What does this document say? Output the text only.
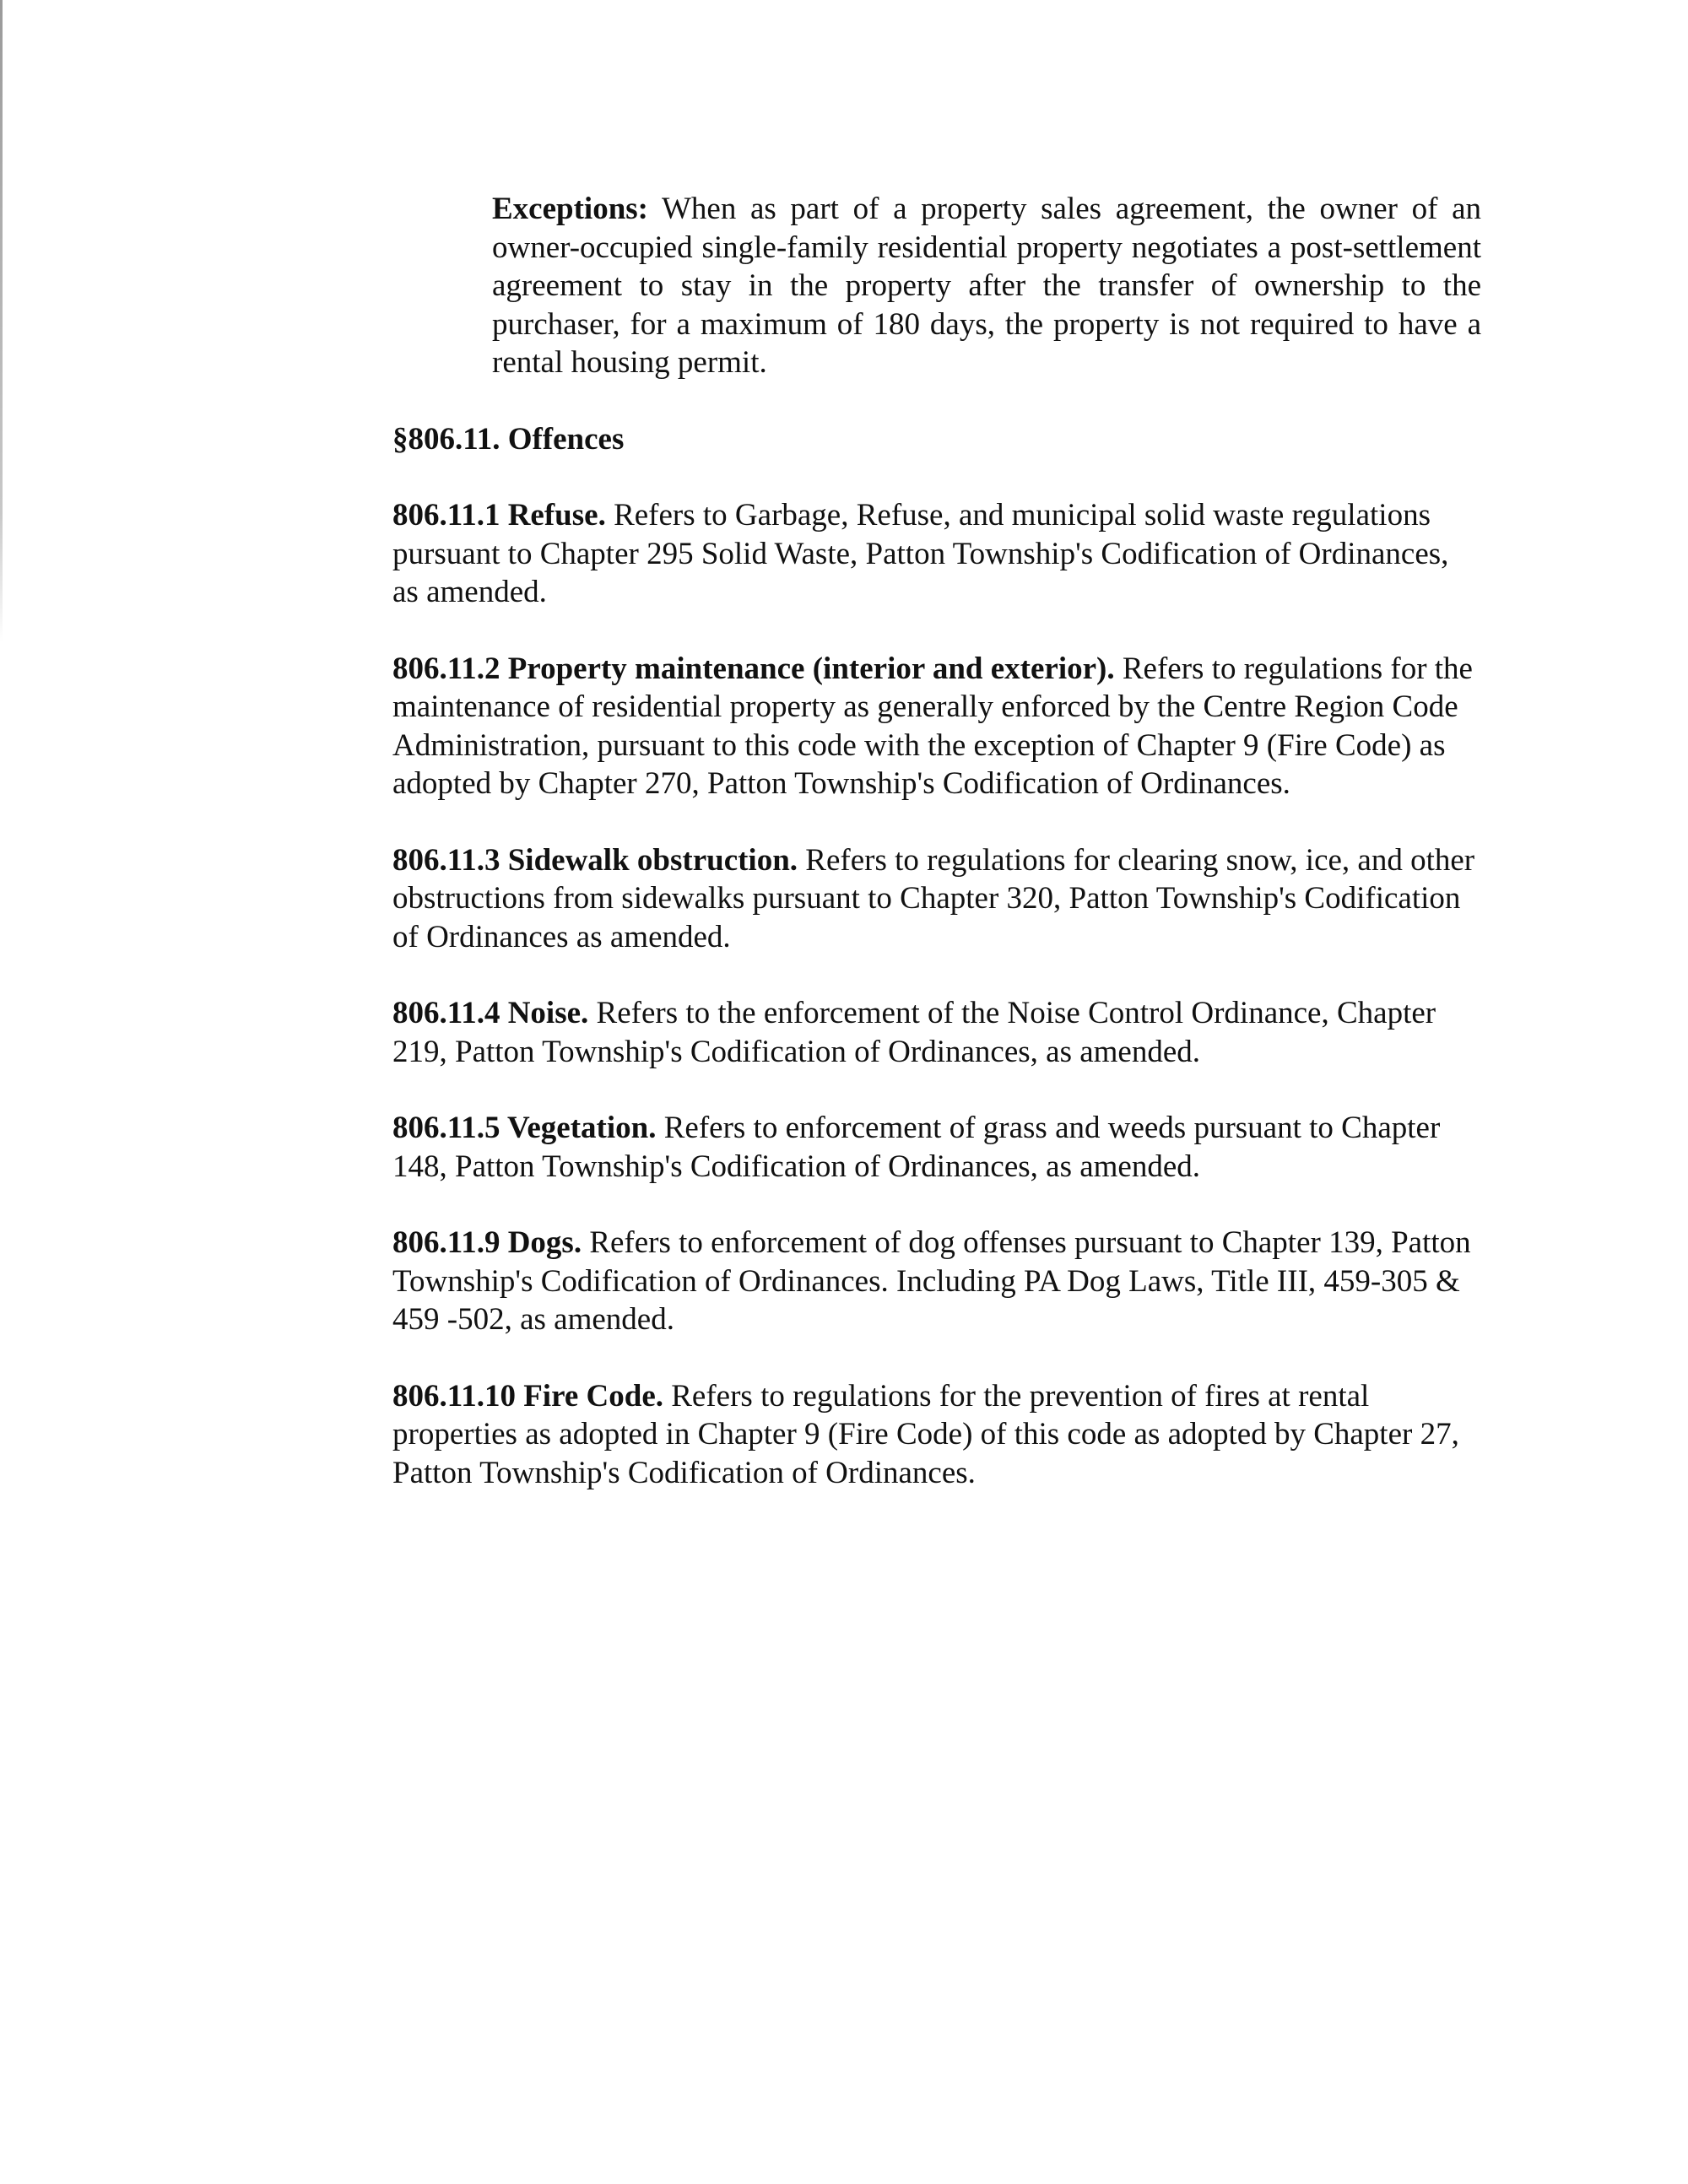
Exceptions: When as part of a property sales agreement, the owner of an owner-occupied single-family residential property negotiates a post-settlement agreement to stay in the property after the transfer of ownership to the purchaser, for a maximum of 180 days, the property is not required to have a rental housing permit.

§806.11. Offences

806.11.1 Refuse. Refers to Garbage, Refuse, and municipal solid waste regulations pursuant to Chapter 295 Solid Waste, Patton Township's Codification of Ordinances, as amended.

806.11.2 Property maintenance (interior and exterior). Refers to regulations for the maintenance of residential property as generally enforced by the Centre Region Code Administration, pursuant to this code with the exception of Chapter 9 (Fire Code) as adopted by Chapter 270, Patton Township's Codification of Ordinances.

806.11.3 Sidewalk obstruction. Refers to regulations for clearing snow, ice, and other obstructions from sidewalks pursuant to Chapter 320, Patton Township's Codification of Ordinances as amended.

806.11.4 Noise. Refers to the enforcement of the Noise Control Ordinance, Chapter 219, Patton Township's Codification of Ordinances, as amended.

806.11.5 Vegetation. Refers to enforcement of grass and weeds pursuant to Chapter 148, Patton Township's Codification of Ordinances, as amended.

806.11.9 Dogs. Refers to enforcement of dog offenses pursuant to Chapter 139, Patton Township's Codification of Ordinances. Including PA Dog Laws, Title III, 459-305 & 459 -502, as amended.

806.11.10 Fire Code. Refers to regulations for the prevention of fires at rental properties as adopted in Chapter 9 (Fire Code) of this code as adopted by Chapter 27, Patton Township's Codification of Ordinances.
